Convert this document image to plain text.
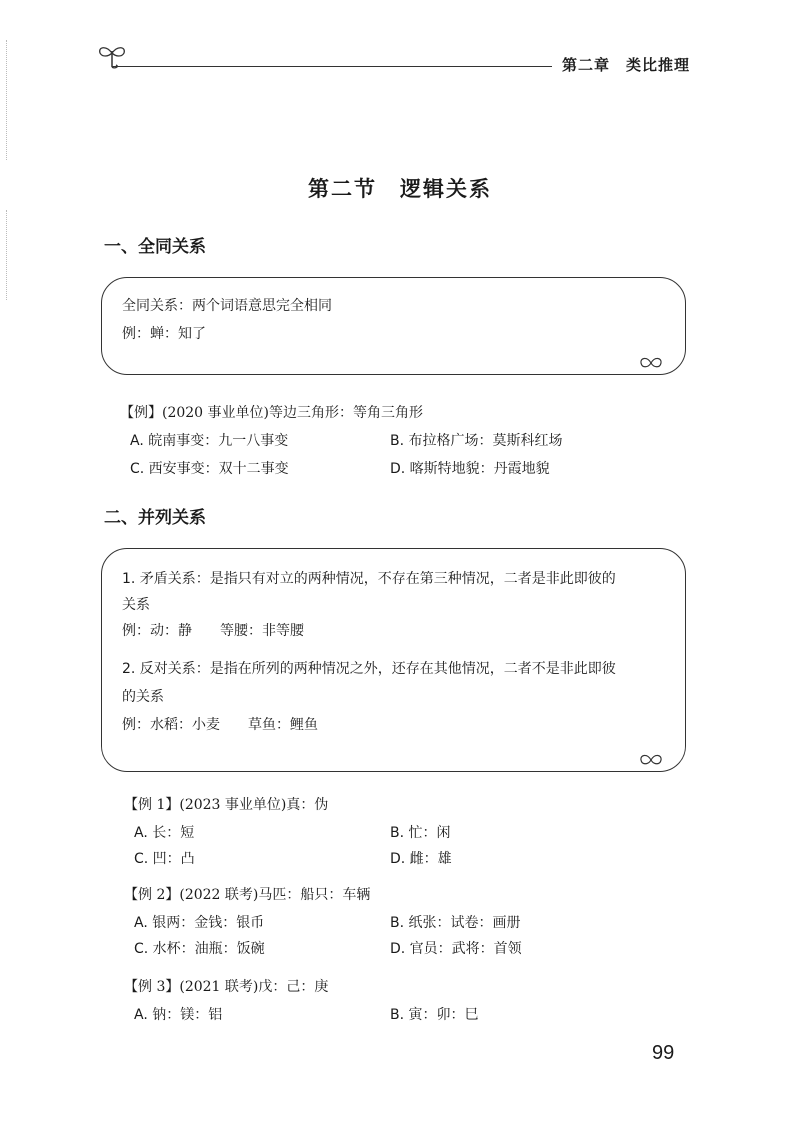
第二章　类比推理
第二节　逻辑关系
一、全同关系
全同关系：两个词语意思完全相同
例：蝉：知了
【例】(2020 事业单位)等边三角形：等角三角形
A. 皖南事变：九一八事变	B. 布拉格广场：莫斯科红场
C. 西安事变：双十二事变	D. 喀斯特地貌：丹霞地貌
二、并列关系
1. 矛盾关系：是指只有对立的两种情况，不存在第三种情况，二者是非此即彼的
关系
例：动：静　　等腰：非等腰
2. 反对关系：是指在所列的两种情况之外，还存在其他情况，二者不是非此即彼
的关系
例：水稻：小麦　　草鱼：鲤鱼
【例 1】(2023 事业单位)真：伪
A. 长：短	B. 忙：闲
C. 凹：凸	D. 雌：雄
【例 2】(2022 联考)马匹：船只：车辆
A. 银两：金钱：银币	B. 纸张：试卷：画册
C. 水杯：油瓶：饭碗	D. 官员：武将：首领
【例 3】(2021 联考)戊：己：庚
A. 钠：镁：铝	B. 寅：卯：巳
99
